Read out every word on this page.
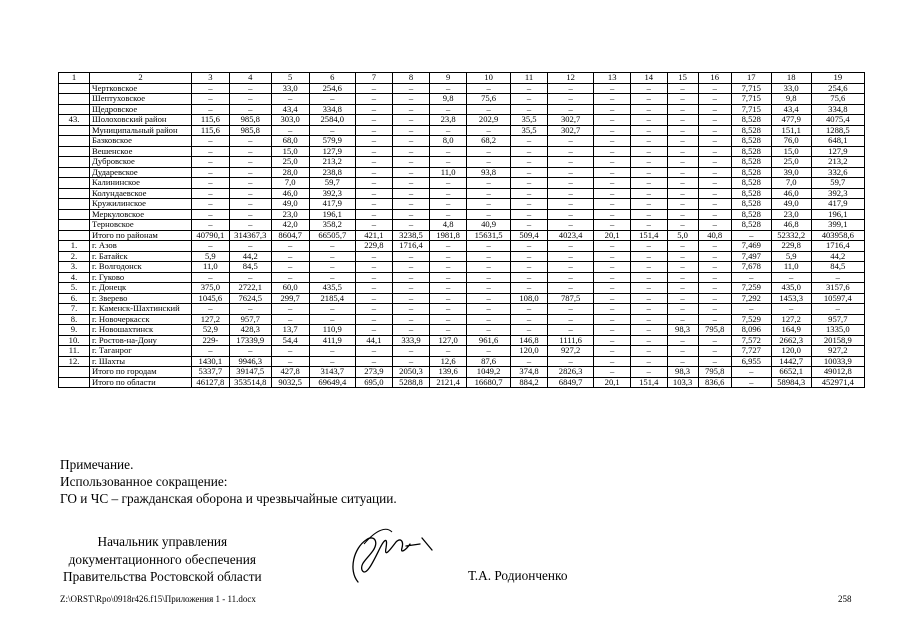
1	2	3	4	5	6	7	8	9	10	11	12	13	14	15	16	17	18	19
	Чертковское	–	–	33,0	254,6	–	–	–	–	–	–	–	–	–	–	7,715	33,0	254,6
	Шептуховское	–	–	–	–	–	–	9,8	75,6	–	–	–	–	–	–	7,715	9,8	75,6
	Щедровское	–	–	43,4	334,8	–	–	–	–	–	–	–	–	–	–	7,715	43,4	334,8
43.	Шолоховский район	115,6	985,8	303,0	2584,0	–	–	23,8	202,9	35,5	302,7	–	–	–	–	8,528	477,9	4075,4
	Муниципальный район	115,6	985,8	–	–	–	–	–	–	35,5	302,7	–	–	–	–	8,528	151,1	1288,5
	Базковское	–	–	68,0	579,9	–	–	8,0	68,2	–	–	–	–	–	–	8,528	76,0	648,1
	Вешенское	–	–	15,0	127,9	–	–	–	–	–	–	–	–	–	–	8,528	15,0	127,9
	Дубровское	–	–	25,0	213,2	–	–	–	–	–	–	–	–	–	–	8,528	25,0	213,2
	Дударевское	–	–	28,0	238,8	–	–	11,0	93,8	–	–	–	–	–	–	8,528	39,0	332,6
	Калининское	–	–	7,0	59,7	–	–	–	–	–	–	–	–	–	–	8,528	7,0	59,7
	Колундаевское	–	–	46,0	392,3	–	–	–	–	–	–	–	–	–	–	8,528	46,0	392,3
	Кружилинское	–	–	49,0	417,9	–	–	–	–	–	–	–	–	–	–	8,528	49,0	417,9
	Меркуловское	–	–	23,0	196,1	–	–	–	–	–	–	–	–	–	–	8,528	23,0	196,1
	Терновское	–	–	42,0	358,2	–	–	4,8	40,9	–	–	–	–	–	–	8,528	46,8	399,1
	Итого по районам	40790,1	314367,3	8604,7	66505,7	421,1	3238,5	1981,8	15631,5	509,4	4023,4	20,1	151,4	5,0	40,8	–	52332,2	403958,6
1.	г. Азов	–	–	–	–	229,8	1716,4	–	–	–	–	–	–	–	–	7,469	229,8	1716,4
2.	г. Батайск	5,9	44,2	–	–	–	–	–	–	–	–	–	–	–	–	7,497	5,9	44,2
3.	г. Волгодонск	11,0	84,5	–	–	–	–	–	–	–	–	–	–	–	–	7,678	11,0	84,5
4.	г. Гуково	–	–	–	–	–	–	–	–	–	–	–	–	–	–	–	–	–
5.	г. Донецк	375,0	2722,1	60,0	435,5	–	–	–	–	–	–	–	–	–	–	7,259	435,0	3157,6
6.	г. Зверево	1045,6	7624,5	299,7	2185,4	–	–	–	–	108,0	787,5	–	–	–	–	7,292	1453,3	10597,4
7.	г. Каменск-Шахтинский	–	–	–	–	–	–	–	–	–	–	–	–	–	–	–	–	–
8.	г. Новочеркасск	127,2	957,7	–	–	–	–	–	–	–	–	–	–	–	–	7,529	127,2	957,7
9.	г. Новошахтинск	52,9	428,3	13,7	110,9	–	–	–	–	–	–	–	–	98,3	795,8	8,096	164,9	1335,0
10.	г. Ростов-на-Дону	229-	17339,9	54,4	411,9	44,1	333,9	127,0	961,6	146,8	1111,6	–	–	–	–	7,572	2662,3	20158,9
11.	г. Таганрог	–	–	–	–	–	–	–	–	120,0	927,2	–	–	–	–	7,727	120,0	927,2
12.	г. Шахты	1430,1	9946,3	–	–	–	–	12,6	87,6	–	–	–	–	–	–	6,955	1442,7	10033,9
	Итого по городам	5337,7	39147,5	427,8	3143,7	273,9	2050,3	139,6	1049,2	374,8	2826,3	–	–	98,3	795,8	–	6652,1	49012,8
	Итого по области	46127,8	353514,8	9032,5	69649,4	695,0	5288,8	2121,4	16680,7	884,2	6849,7	20,1	151,4	103,3	836,6	–	58984,3	452971,4
Примечание.
Использованное сокращение:
ГО и ЧС – гражданская оборона и чрезвычайные ситуации.
Начальник управления
документационного обеспечения
Правительства Ростовской области	Т.А. Родионченко
Z:\ORST\Rpo\0918r426.f15\Приложения 1 - 11.docx	258
